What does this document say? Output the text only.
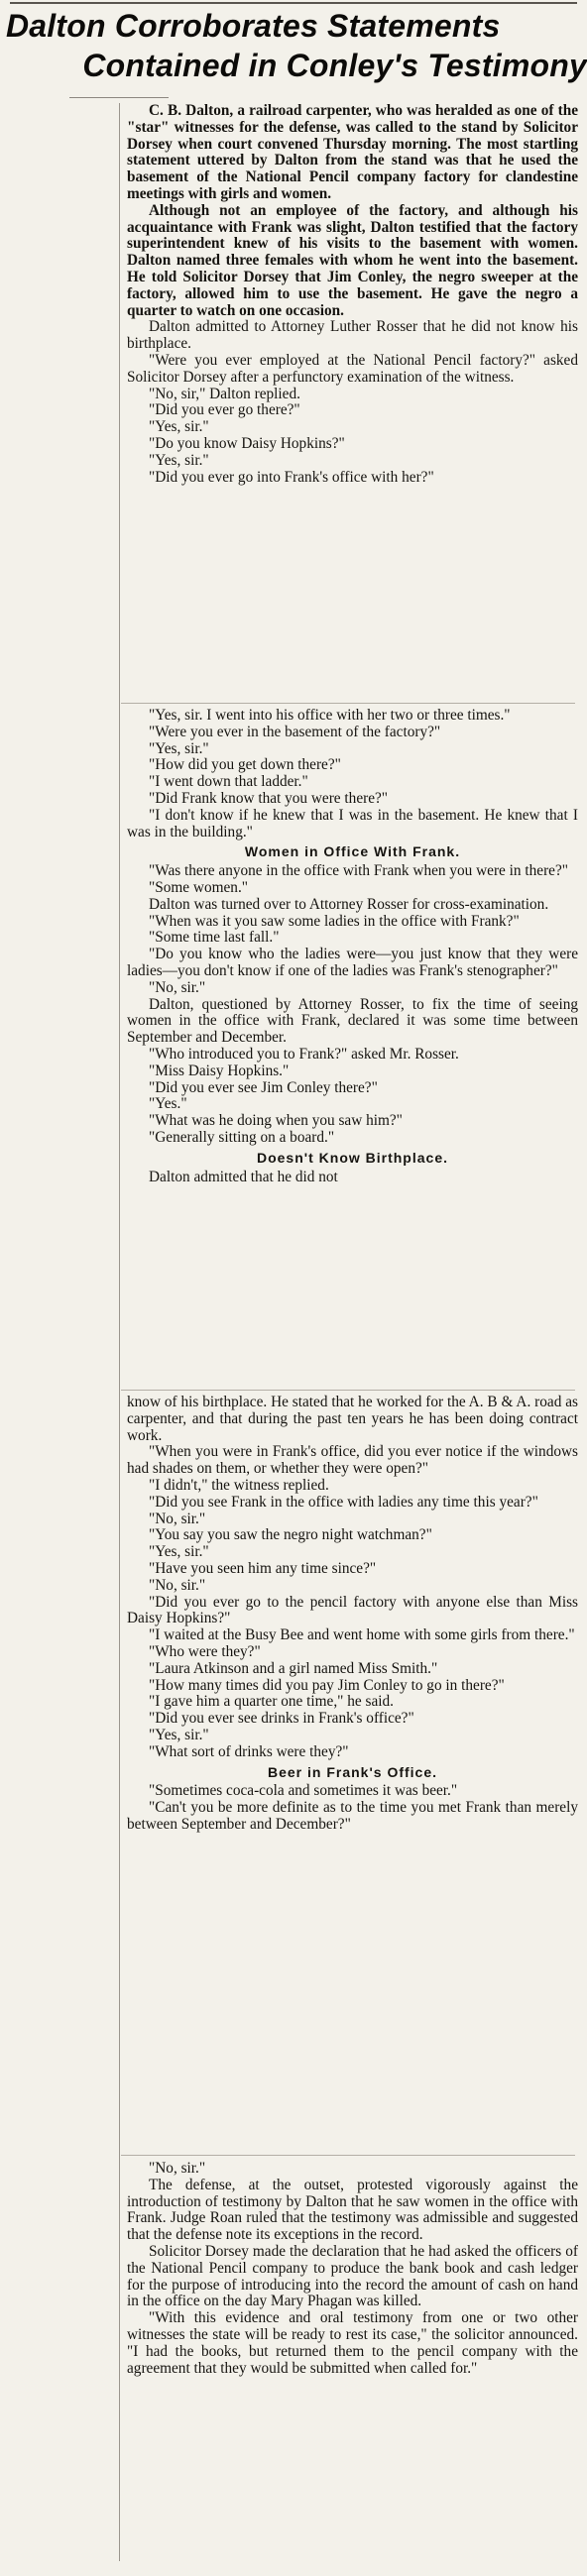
Dalton Corroborates Statements
Contained in Conley's Testimony

C. B. Dalton, a railroad carpenter, who was heralded as one of the "star" witnesses for the defense, was called to the stand by Solicitor Dorsey when court convened Thursday morning. The most startling statement uttered by Dalton from the stand was that he used the basement of the National Pencil company factory for clandestine meetings with girls and women.

Although not an employee of the factory, and although his acquaintance with Frank was slight, Dalton testified that the factory superintendent knew of his visits to the basement with women. Dalton named three females with whom he went into the basement. He told Solicitor Dorsey that Jim Conley, the negro sweeper at the factory, allowed him to use the basement. He gave the negro a quarter to watch on one occasion.

Dalton admitted to Attorney Luther Rosser that he did not know his birthplace.

"Were you ever employed at the National Pencil factory?" asked Solicitor Dorsey after a perfunctory examination of the witness.

"No, sir," Dalton replied.

"Did you ever go there?"

"Yes, sir."

"Do you know Daisy Hopkins?"

"Yes, sir."

"Did you ever go into Frank's office with her?"

"Yes, sir. I went into his office with her two or three times."

"Were you ever in the basement of the factory?"

"Yes, sir."

"How did you get down there?"

"I went down that ladder."

"Did Frank know that you were there?"

"I don't know if he knew that I was in the basement. He knew that I was in the building."

Women in Office With Frank.

"Was there anyone in the office with Frank when you were in there?"

"Some women."

Dalton was turned over to Attorney Rosser for cross-examination.

"When was it you saw some ladies in the office with Frank?"

"Some time last fall."

"Do you know who the ladies were—you just know that they were ladies—you don't know if one of the ladies was Frank's stenographer?"

"No, sir."

Dalton, questioned by Attorney Rosser, to fix the time of seeing women in the office with Frank, declared it was some time between September and December.

"Who introduced you to Frank?" asked Mr. Rosser.

"Miss Daisy Hopkins."

"Did you ever see Jim Conley there?"

"Yes."

"What was he doing when you saw him?"

"Generally sitting on a board."

Doesn't Know Birthplace.

Dalton admitted that he did not

know of his birthplace. He stated that he worked for the A. B & A. road as carpenter, and that during the past ten years he has been doing contract work.

"When you were in Frank's office, did you ever notice if the windows had shades on them, or whether they were open?"

"I didn't," the witness replied.

"Did you see Frank in the office with ladies any time this year?"

"No, sir."

"You say you saw the negro night watchman?"

"Yes, sir."

"Have you seen him any time since?"

"No, sir."

"Did you ever go to the pencil factory with anyone else than Miss Daisy Hopkins?"

"I waited at the Busy Bee and went home with some girls from there."

"Who were they?"

"Laura Atkinson and a girl named Miss Smith."

"How many times did you pay Jim Conley to go in there?"

"I gave him a quarter one time," he said.

"Did you ever see drinks in Frank's office?"

"Yes, sir."

"What sort of drinks were they?"

Beer in Frank's Office.

"Sometimes coca-cola and sometimes it was beer."

"Can't you be more definite as to the time you met Frank than merely between September and December?"

"No, sir."

The defense, at the outset, protested vigorously against the introduction of testimony by Dalton that he saw women in the office with Frank. Judge Roan ruled that the testimony was admissible and suggested that the defense note its exceptions in the record.

Solicitor Dorsey made the declaration that he had asked the officers of the National Pencil company to produce the bank book and cash ledger for the purpose of introducing into the record the amount of cash on hand in the office on the day Mary Phagan was killed.

"With this evidence and oral testimony from one or two other witnesses the state will be ready to rest its case," the solicitor announced. "I had the books, but returned them to the pencil company with the agreement that they would be submitted when called for."
